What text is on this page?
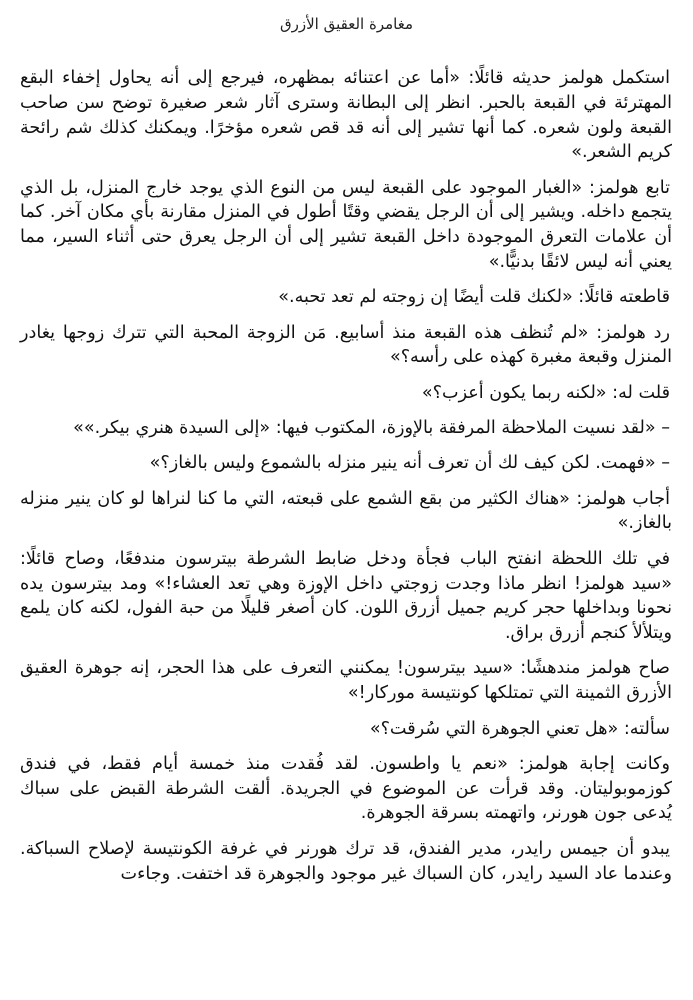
مغامرة العقيق الأزرق

استكمل هولمز حديثه قائلًا: «أما عن اعتنائه بمظهره، فيرجع إلى أنه يحاول إخفاء البقع المهترئة في القبعة بالحبر. انظر إلى البطانة وسترى آثار شعر صغيرة توضح سن صاحب القبعة ولون شعره. كما أنها تشير إلى أنه قد قص شعره مؤخرًا. ويمكنك كذلك شم رائحة كريم الشعر.»

تابع هولمز: «الغبار الموجود على القبعة ليس من النوع الذي يوجد خارج المنزل، بل الذي يتجمع داخله. ويشير إلى أن الرجل يقضي وقتًا أطول في المنزل مقارنة بأي مكان آخر. كما أن علامات التعرق الموجودة داخل القبعة تشير إلى أن الرجل يعرق حتى أثناء السير، مما يعني أنه ليس لائقًا بدنيًّا.»

قاطعته قائلًا: «لكنك قلت أيضًا إن زوجته لم تعد تحبه.»

رد هولمز: «لم تُنظف هذه القبعة منذ أسابيع. مَن الزوجة المحبة التي تترك زوجها يغادر المنزل وقبعة مغبرة كهذه على رأسه؟»

قلت له: «لكنه ربما يكون أعزب؟»

– «لقد نسيت الملاحظة المرفقة بالإوزة، المكتوب فيها: «إلى السيدة هنري بيكر.»»

– «فهمت. لكن كيف لك أن تعرف أنه ينير منزله بالشموع وليس بالغاز؟»

أجاب هولمز: «هناك الكثير من بقع الشمع على قبعته، التي ما كنا لنراها لو كان ينير منزله بالغاز.»

في تلك اللحظة انفتح الباب فجأة ودخل ضابط الشرطة بيترسون مندفعًا، وصاح قائلًا: «سيد هولمز! انظر ماذا وجدت زوجتي داخل الإوزة وهي تعد العشاء!» ومد بيترسون يده نحونا وبداخلها حجر كريم جميل أزرق اللون. كان أصغر قليلًا من حبة الفول، لكنه كان يلمع ويتلألأ كنجم أزرق براق.

صاح هولمز مندهشًا: «سيد بيترسون! يمكنني التعرف على هذا الحجر، إنه جوهرة العقيق الأزرق الثمينة التي تمتلكها كونتيسة موركار!»

سألته: «هل تعني الجوهرة التي سُرقت؟»

وكانت إجابة هولمز: «نعم يا واطسون. لقد فُقدت منذ خمسة أيام فقط، في فندق كوزموبوليتان. وقد قرأت عن الموضوع في الجريدة. ألقت الشرطة القبض على سباك يُدعى جون هورنر، واتهمته بسرقة الجوهرة.

يبدو أن جيمس رايدر، مدير الفندق، قد ترك هورنر في غرفة الكونتيسة لإصلاح السباكة. وعندما عاد السيد رايدر، كان السباك غير موجود والجوهرة قد اختفت. وجاءت
